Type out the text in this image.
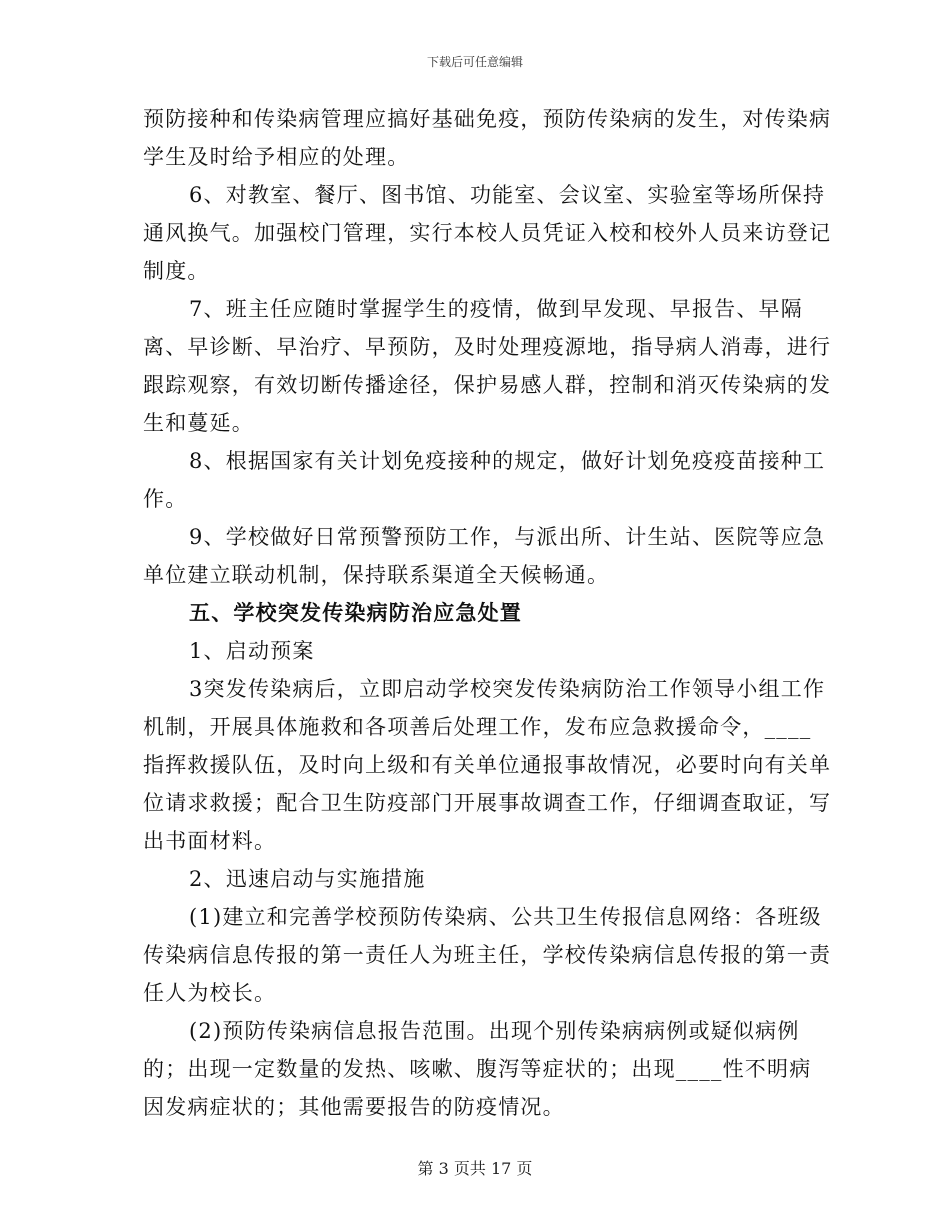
下载后可任意编辑

预防接种和传染病管理应搞好基础免疫，预防传染病的发生，对传染病学生及时给予相应的处理。

6、对教室、餐厅、图书馆、功能室、会议室、实验室等场所保持通风换气。加强校门管理，实行本校人员凭证入校和校外人员来访登记制度。

7、班主任应随时掌握学生的疫情，做到早发现、早报告、早隔离、早诊断、早治疗、早预防，及时处理疫源地，指导病人消毒，进行跟踪观察，有效切断传播途径，保护易感人群，控制和消灭传染病的发生和蔓延。

8、根据国家有关计划免疫接种的规定，做好计划免疫疫苗接种工作。

9、学校做好日常预警预防工作，与派出所、计生站、医院等应急单位建立联动机制，保持联系渠道全天候畅通。

五、学校突发传染病防治应急处置

1、启动预案

3突发传染病后，立即启动学校突发传染病防治工作领导小组工作机制，开展具体施救和各项善后处理工作，发布应急救援命令，____指挥救援队伍，及时向上级和有关单位通报事故情况，必要时向有关单位请求救援；配合卫生防疫部门开展事故调查工作，仔细调查取证，写出书面材料。

2、迅速启动与实施措施

(1)建立和完善学校预防传染病、公共卫生传报信息网络：各班级传染病信息传报的第一责任人为班主任，学校传染病信息传报的第一责任人为校长。

(2)预防传染病信息报告范围。出现个别传染病病例或疑似病例的；出现一定数量的发热、咳嗽、腹泻等症状的；出现____性不明病因发病症状的；其他需要报告的防疫情况。

第 3 页共 17 页
